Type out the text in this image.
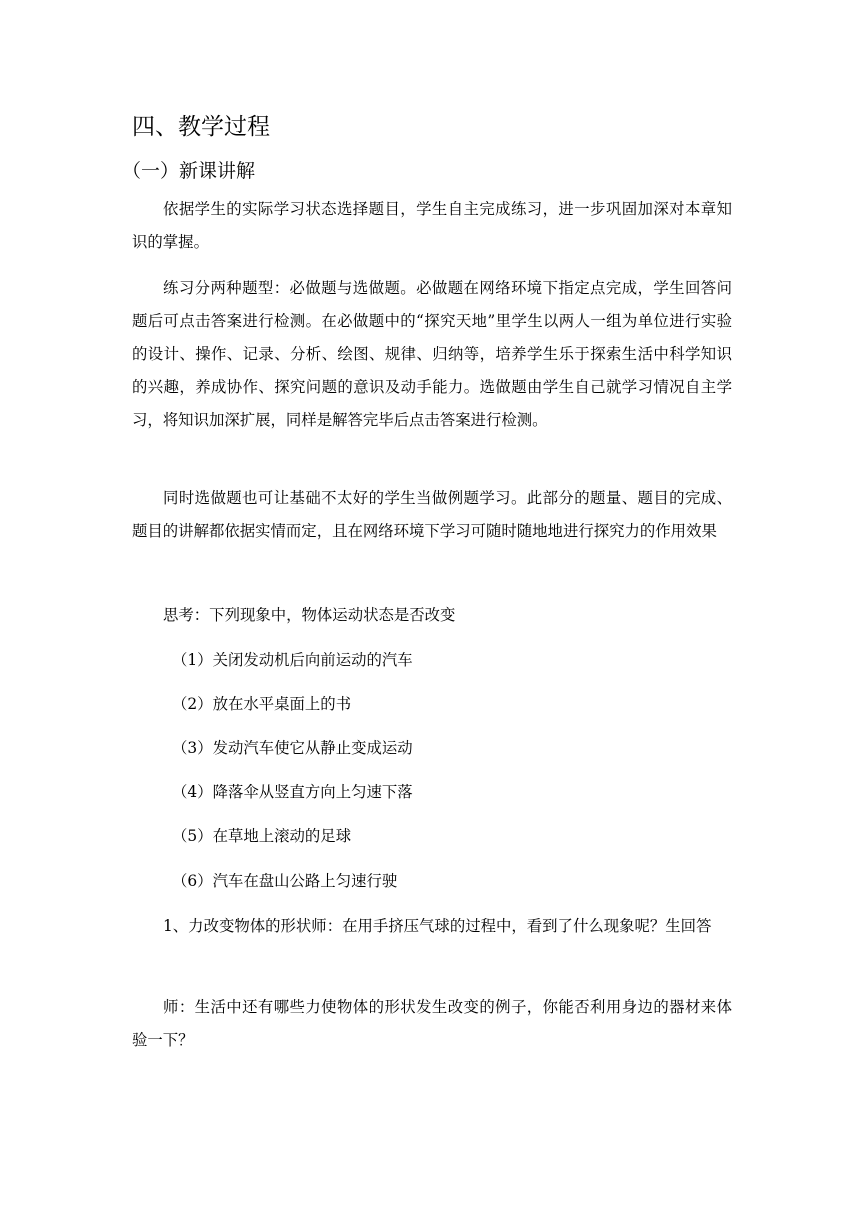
四、教学过程
（一）新课讲解
依据学生的实际学习状态选择题目，学生自主完成练习，进一步巩固加深对本章知识的掌握。
练习分两种题型：必做题与选做题。必做题在网络环境下指定点完成，学生回答问题后可点击答案进行检测。在必做题中的“探究天地”里学生以两人一组为单位进行实验的设计、操作、记录、分析、绘图、规律、归纳等，培养学生乐于探索生活中科学知识的兴趣，养成协作、探究问题的意识及动手能力。选做题由学生自己就学习情况自主学习，将知识加深扩展，同样是解答完毕后点击答案进行检测。
同时选做题也可让基础不太好的学生当做例题学习。此部分的题量、题目的完成、题目的讲解都依据实情而定，且在网络环境下学习可随时随地地进行探究力的作用效果
思考：下列现象中，物体运动状态是否改变
（1）关闭发动机后向前运动的汽车
（2）放在水平桌面上的书
（3）发动汽车使它从静止变成运动
（4）降落伞从竖直方向上匀速下落
（5）在草地上滚动的足球
（6）汽车在盘山公路上匀速行驶
1、力改变物体的形状师：在用手挤压气球的过程中，看到了什么现象呢？生回答
师：生活中还有哪些力使物体的形状发生改变的例子，你能否利用身边的器材来体验一下？
